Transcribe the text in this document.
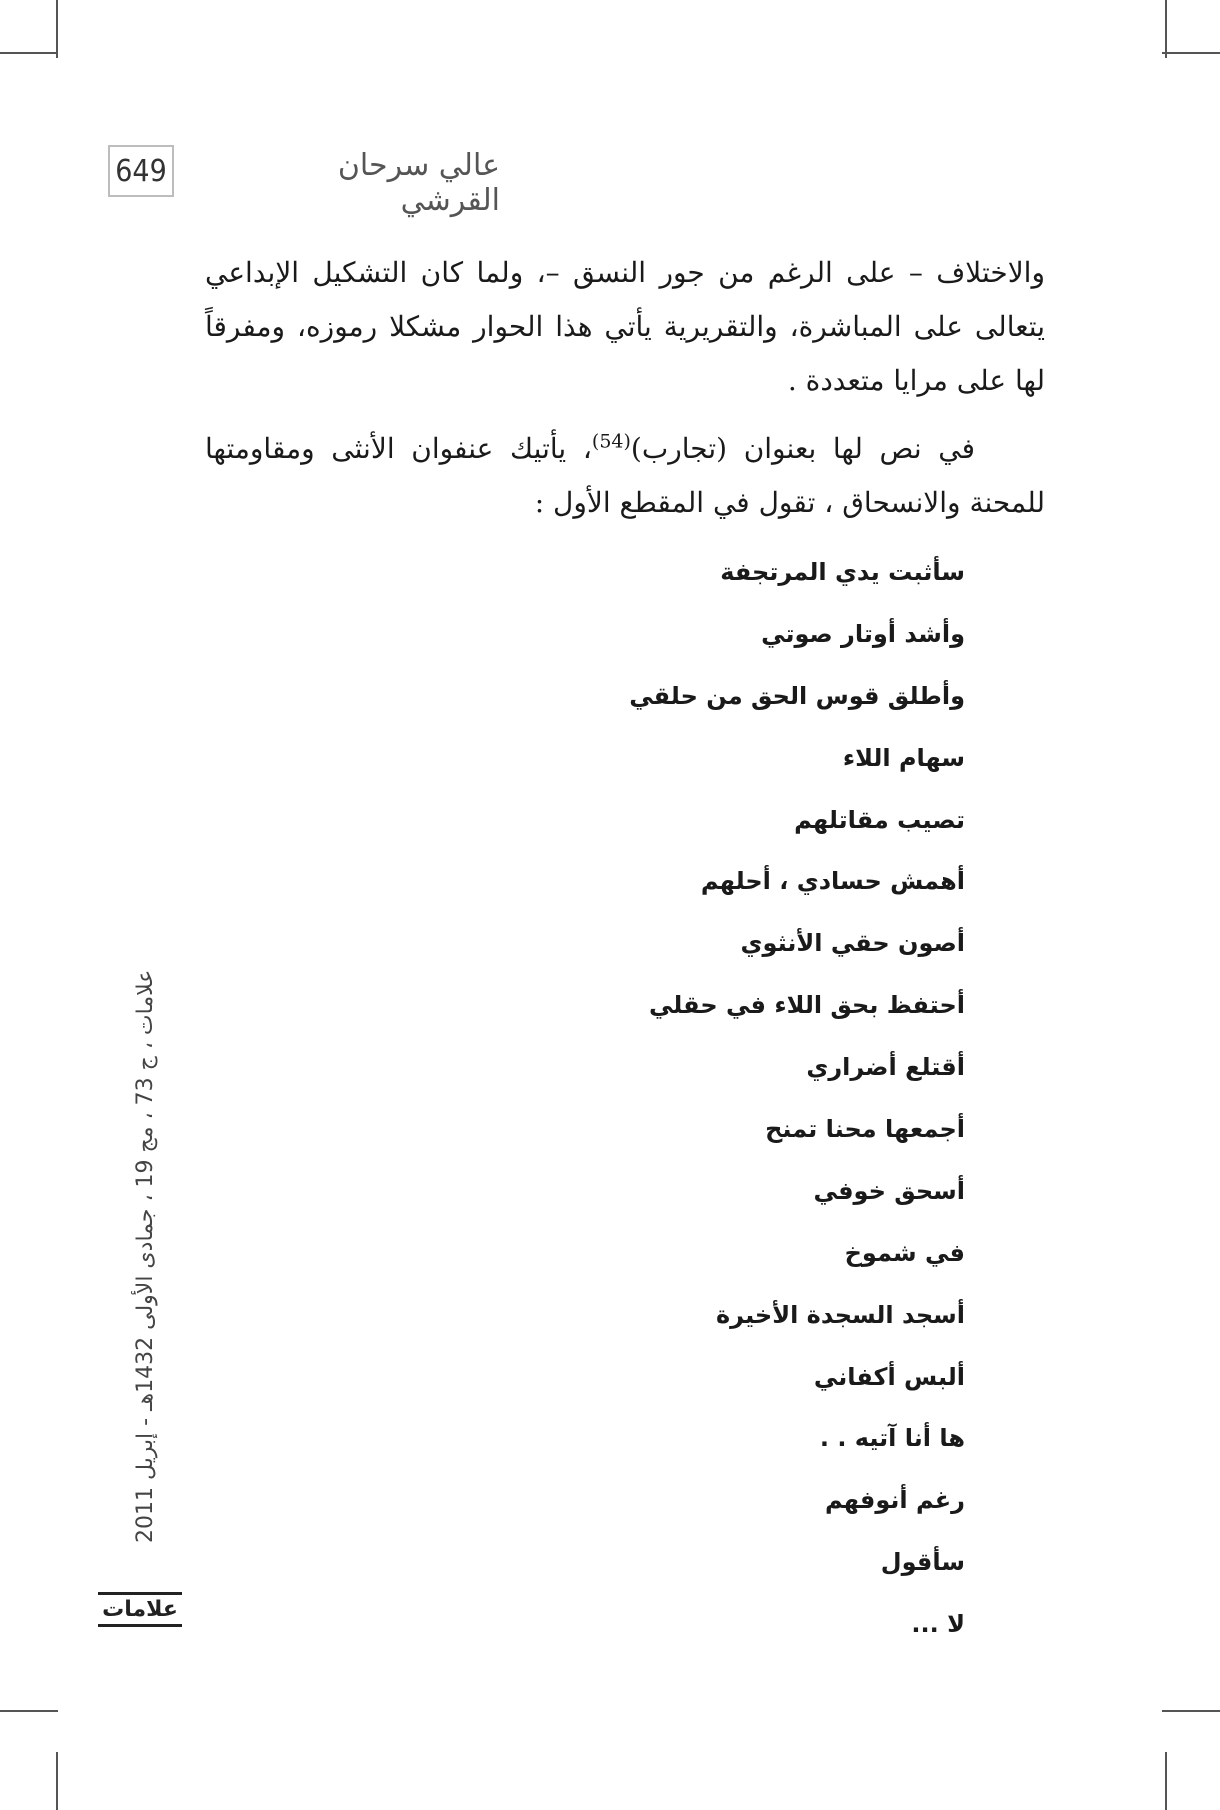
649	عالي سرحان القرشي

والاختلاف – على الرغم من جور النسق –، ولما كان التشكيل الإبداعي يتعالى على المباشرة، والتقريرية يأتي هذا الحوار مشكلا رموزه، ومفرقاً لها على مرايا متعددة .

في نص لها بعنوان (تجارب)$^{(54)}$، يأتيك عنفوان الأنثى ومقاومتها للمحنة والانسحاق ، تقول في المقطع الأول :

سأثبت يدي المرتجفة
وأشد أوتار صوتي
وأطلق قوس الحق من حلقي
سهام اللاء
تصيب مقاتلهم
أهمش حسادي ، أحلهم
أصون حقي الأنثوي
أحتفظ بحق اللاء في حقلي
أقتلع أضراري
أجمعها محنا تمنح
أسحق خوفي
في شموخ
أسجد السجدة الأخيرة
ألبس أكفاني
ها أنا آتيه . .
رغم أنوفهم
سأقول
لا ...
علامات ، ج 73 ، مج 19 ، جمادى الأولى 1432هـ - إبريل 2011
علامات
